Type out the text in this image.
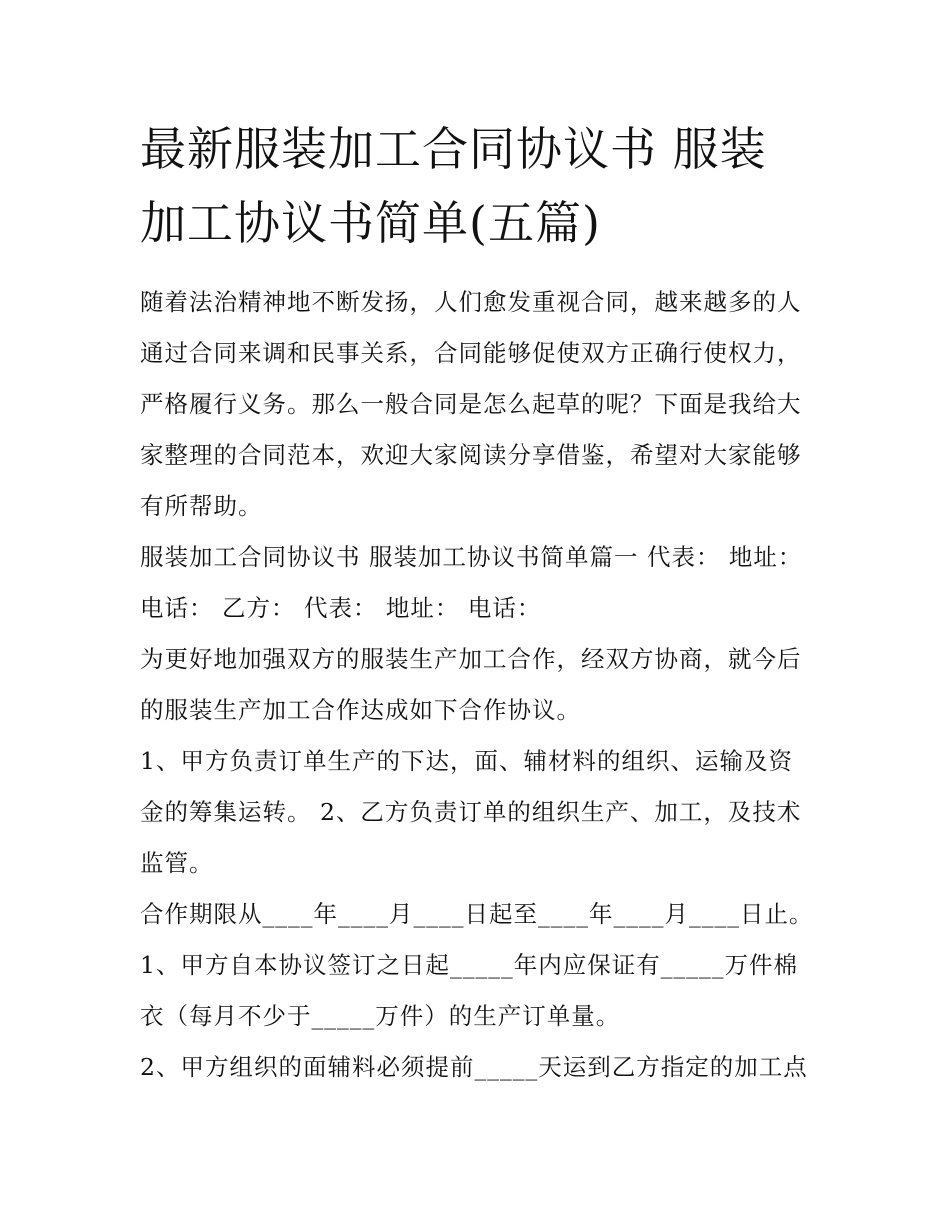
最新服装加工合同协议书 服装
加工协议书简单(五篇)

随着法治精神地不断发扬，人们愈发重视合同，越来越多的人
通过合同来调和民事关系，合同能够促使双方正确行使权力，
严格履行义务。那么一般合同是怎么起草的呢？下面是我给大
家整理的合同范本，欢迎大家阅读分享借鉴，希望对大家能够
有所帮助。

服装加工合同协议书 服装加工协议书简单篇一 代表： 地址：
电话： 乙方： 代表： 地址： 电话：

为更好地加强双方的服装生产加工合作，经双方协商，就今后
的服装生产加工合作达成如下合作协议。

1、甲方负责订单生产的下达，面、辅材料的组织、运输及资
金的筹集运转。 2、乙方负责订单的组织生产、加工，及技术
监管。

合作期限从____年____月____日起至____年____月____日止。

1、甲方自本协议签订之日起_____年内应保证有_____万件棉
衣（每月不少于_____万件）的生产订单量。

2、甲方组织的面辅料必须提前_____天运到乙方指定的加工点
